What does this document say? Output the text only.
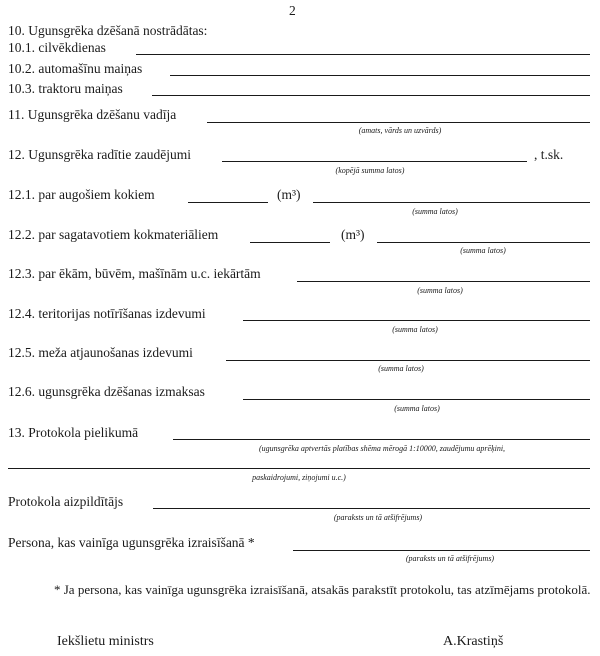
2
10. Ugunsgrēka dzēšanā nostrādātas:
10.1. cilvēkdienas
10.2. automašīnu maiņas
10.3. traktoru maiņas
11. Ugunsgrēka dzēšanu vadīja
(amats, vārds un uzvārds)
12. Ugunsgrēka radītie zaudējumi	, t.sk.
(kopējā summa latos)
12.1. par augošiem kokiem	(m³)
(summa latos)
12.2. par sagatavotiem kokmateriāliem	(m³)
(summa latos)
12.3. par ēkām, būvēm, mašīnām u.c. iekārtām
(summa latos)
12.4. teritorijas notīrīšanas izdevumi
(summa latos)
12.5. meža atjaunošanas izdevumi
(summa latos)
12.6. ugunsgrēka dzēšanas izmaksas
(summa latos)
13. Protokola pielikumā
(ugunsgrēka aptvertās platības shēma mērogā 1:10000, zaudējumu aprēķini,
paskaidrojumi, ziņojumi u.c.)
Protokola aizpildītājs
(paraksts un tā atšifrējums)
Persona, kas vainīga ugunsgrēka izraisīšanā *
(paraksts un tā atšifrējums)
* Ja persona, kas vainīga ugunsgrēka izraisīšanā, atsakās parakstīt protokolu, tas atzīmējams protokolā.
Iekšlietu ministrs	A.Krastiņš
